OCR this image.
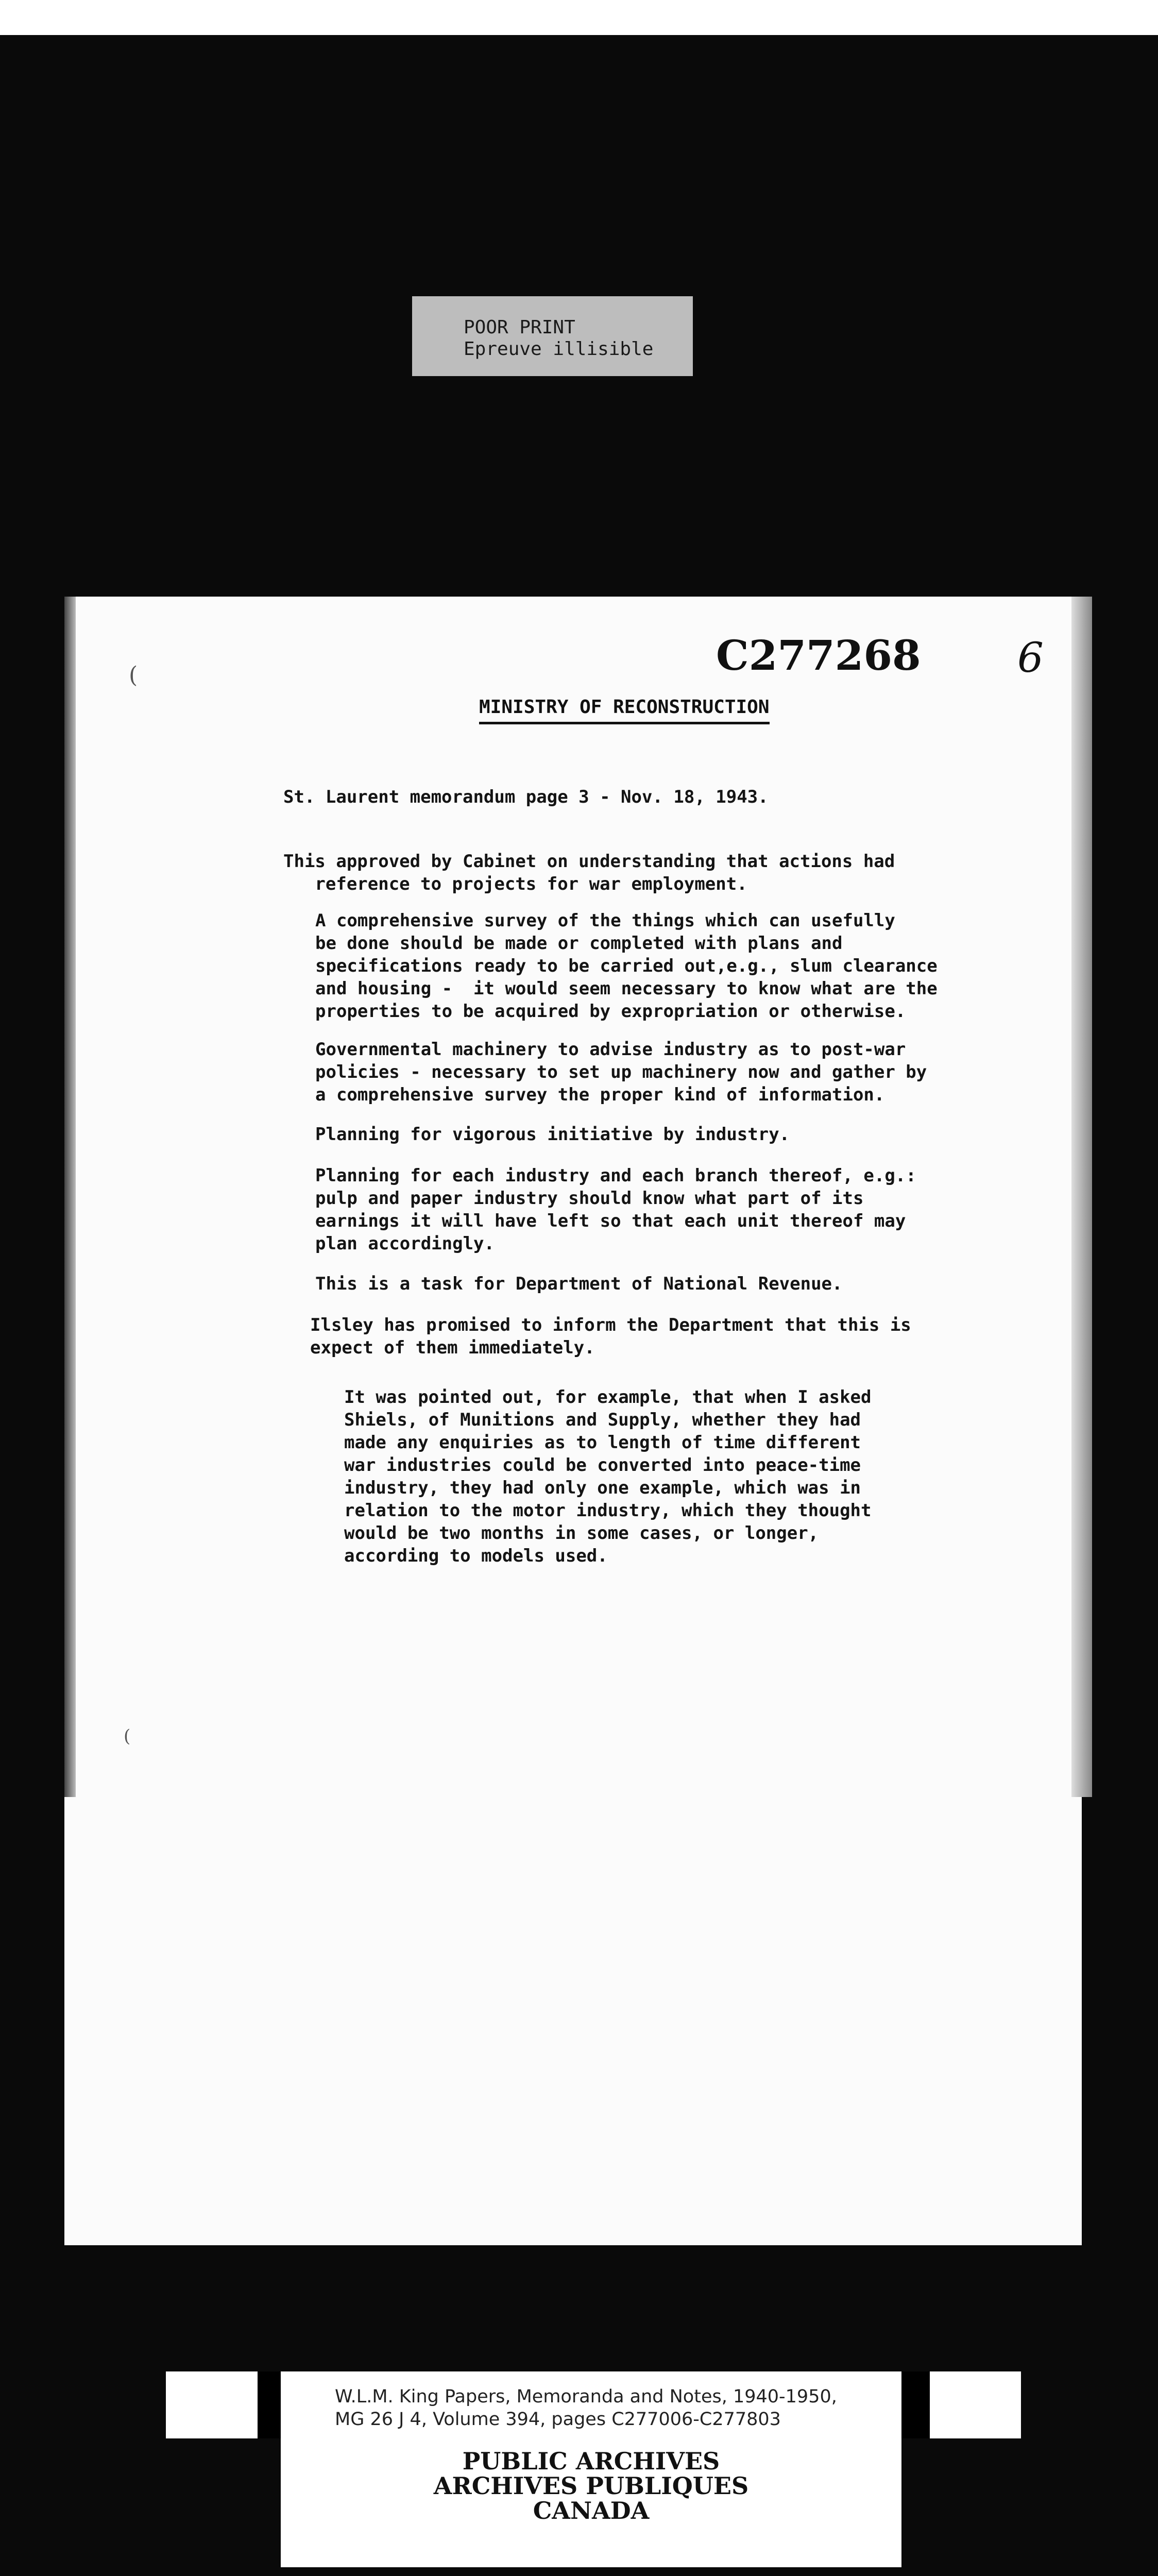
POOR PRINT
Epreuve illisible
(
(
C277268 6
MINISTRY OF RECONSTRUCTION
St. Laurent memorandum page 3 - Nov. 18, 1943.
This approved by Cabinet on understanding that actions had
reference to projects for war employment.
A comprehensive survey of the things which can usefully
be done should be made or completed with plans and
specifications ready to be carried out,e.g., slum clearance
and housing -  it would seem necessary to know what are the
properties to be acquired by expropriation or otherwise.
Governmental machinery to advise industry as to post-war
policies - necessary to set up machinery now and gather by
a comprehensive survey the proper kind of information.
Planning for vigorous initiative by industry.
Planning for each industry and each branch thereof, e.g.:
pulp and paper industry should know what part of its
earnings it will have left so that each unit thereof may
plan accordingly.
This is a task for Department of National Revenue.
Ilsley has promised to inform the Department that this is
expect of them immediately.
It was pointed out, for example, that when I asked
Shiels, of Munitions and Supply, whether they had
made any enquiries as to length of time different
war industries could be converted into peace-time
industry, they had only one example, which was in
relation to the motor industry, which they thought
would be two months in some cases, or longer,
according to models used.
W.L.M. King Papers, Memoranda and Notes, 1940-1950,
MG 26 J 4, Volume 394, pages C277006-C277803
PUBLIC ARCHIVES
ARCHIVES PUBLIQUES
CANADA
